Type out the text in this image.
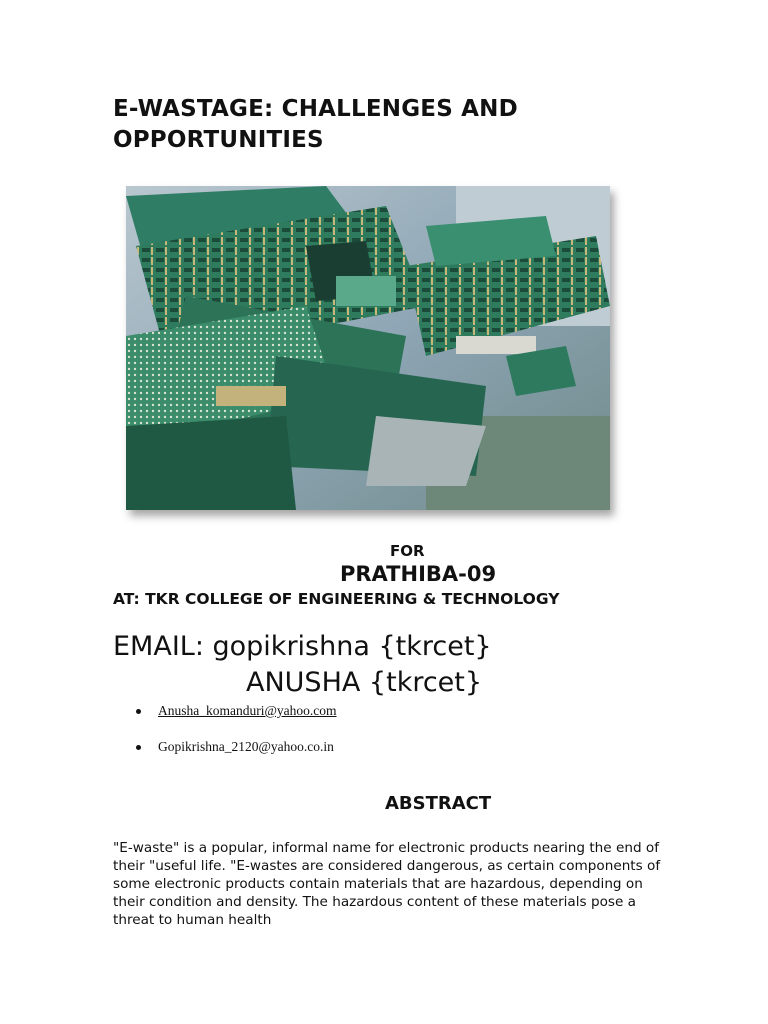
E-WASTAGE: CHALLENGES AND OPPORTUNITIES
FOR
PRATHIBA-09
AT: TKR COLLEGE OF ENGINEERING & TECHNOLOGY
EMAIL: gopikrishna {tkrcet}
ANUSHA {tkrcet}
Anusha_komanduri@yahoo.com
Gopikrishna_2120@yahoo.co.in
ABSTRACT

"E-waste" is a popular, informal name for electronic products nearing the end of their "useful life. "E-wastes are considered dangerous, as certain components of some electronic products contain materials that are hazardous, depending on their condition and density. The hazardous content of these materials pose a threat to human health
